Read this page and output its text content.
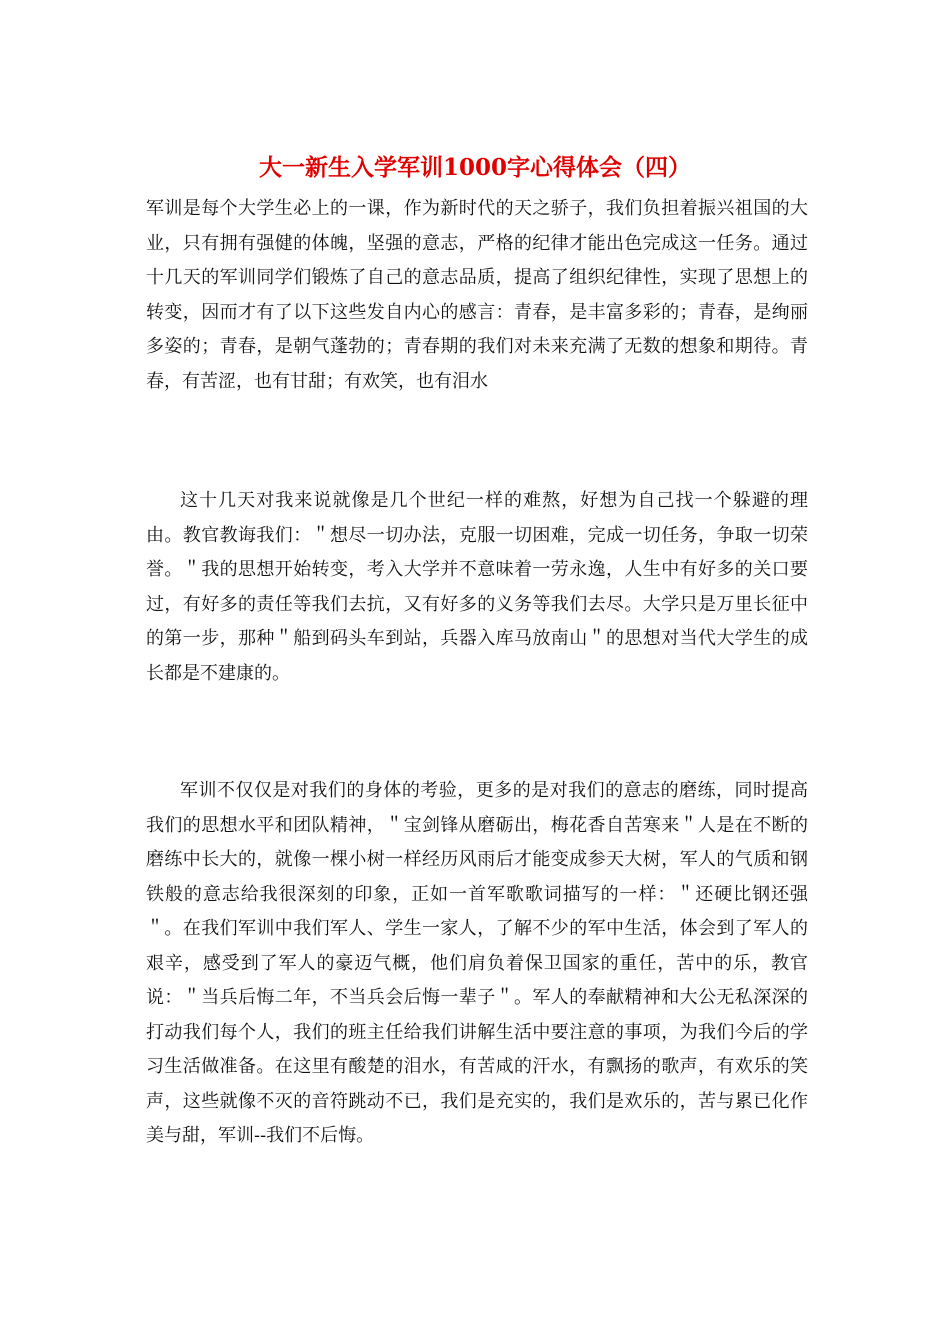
大一新生入学军训1000字心得体会（四）

军训是每个大学生必上的一课，作为新时代的天之骄子，我们负担着振兴祖国的大业，只有拥有强健的体魄，坚强的意志，严格的纪律才能出色完成这一任务。通过十几天的军训同学们锻炼了自己的意志品质，提高了组织纪律性，实现了思想上的转变，因而才有了以下这些发自内心的感言：青春，是丰富多彩的；青春，是绚丽多姿的；青春，是朝气蓬勃的；青春期的我们对未来充满了无数的想象和期待。青春，有苦涩，也有甘甜；有欢笑，也有泪水

这十几天对我来说就像是几个世纪一样的难熬，好想为自己找一个躲避的理由。教官教诲我们：＂想尽一切办法，克服一切困难，完成一切任务，争取一切荣誉。＂我的思想开始转变，考入大学并不意味着一劳永逸，人生中有好多的关口要过，有好多的责任等我们去抗，又有好多的义务等我们去尽。大学只是万里长征中的第一步，那种＂船到码头车到站，兵器入库马放南山＂的思想对当代大学生的成长都是不建康的。

军训不仅仅是对我们的身体的考验，更多的是对我们的意志的磨练，同时提高我们的思想水平和团队精神，＂宝剑锋从磨砺出，梅花香自苦寒来＂人是在不断的磨练中长大的，就像一棵小树一样经历风雨后才能变成参天大树，军人的气质和钢铁般的意志给我很深刻的印象，正如一首军歌歌词描写的一样：＂还硬比钢还强＂。在我们军训中我们军人、学生一家人，了解不少的军中生活，体会到了军人的艰辛，感受到了军人的豪迈气概，他们肩负着保卫国家的重任，苦中的乐，教官说：＂当兵后悔二年，不当兵会后悔一辈子＂。军人的奉献精神和大公无私深深的打动我们每个人，我们的班主任给我们讲解生活中要注意的事项，为我们今后的学习生活做准备。在这里有酸楚的泪水，有苦咸的汗水，有飘扬的歌声，有欢乐的笑声，这些就像不灭的音符跳动不已，我们是充实的，我们是欢乐的，苦与累已化作美与甜，军训--我们不后悔。
